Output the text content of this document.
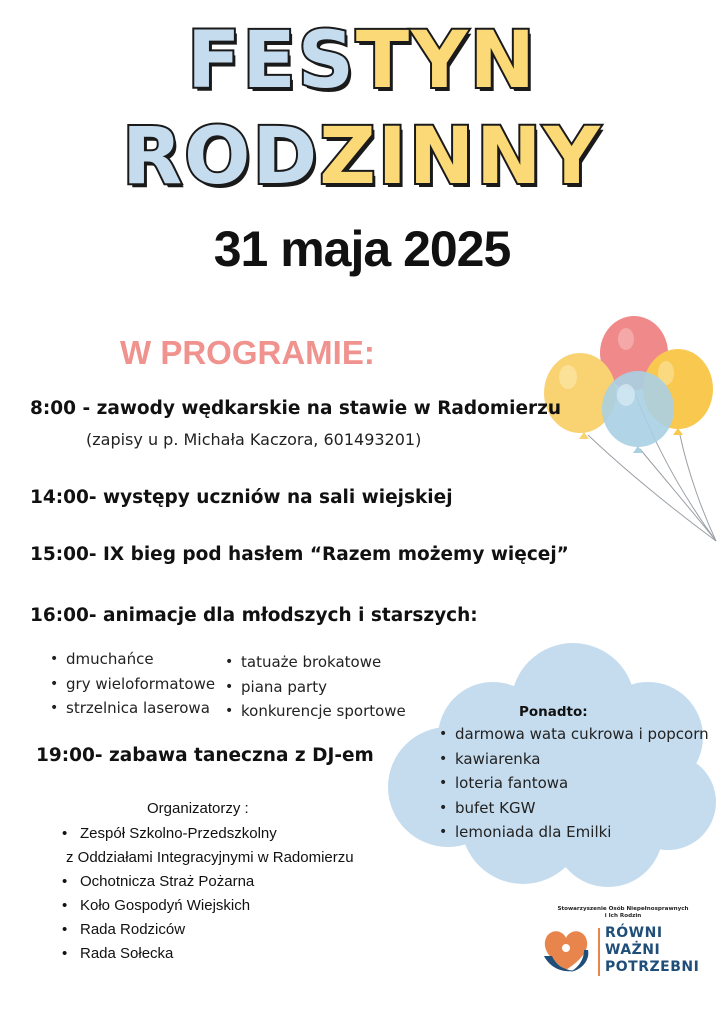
FESTYN
RODZINNY
31 maja 2025
W PROGRAMIE:
8:00 - zawody wędkarskie na stawie w Radomierzu
(zapisy u p. Michała Kaczora, 601493201)
14:00- występy uczniów na sali wiejskiej
15:00- IX bieg pod hasłem “Razem możemy więcej”
16:00- animacje dla młodszych i starszych:
• dmuchańce
• gry wieloformatowe
• strzelnica laserowa
• tatuaże brokatowe
• piana party
• konkurencje sportowe
19:00- zabawa taneczna z DJ-em
Ponadto:
• darmowa wata cukrowa i popcorn
• kawiarenka
• loteria fantowa
• bufet KGW
• lemoniada dla Emilki
Organizatorzy :
• Zespół Szkolno-Przedszkolny
z Oddziałami Integracyjnymi w Radomierzu
• Ochotnicza Straż Pożarna
• Koło Gospodyń Wiejskich
• Rada Rodziców
• Rada Sołecka
Stowarzyszenie Osób Niepełnosprawnych
i Ich Rodzin
RÓWNI
WAŻNI
POTRZEBNI
